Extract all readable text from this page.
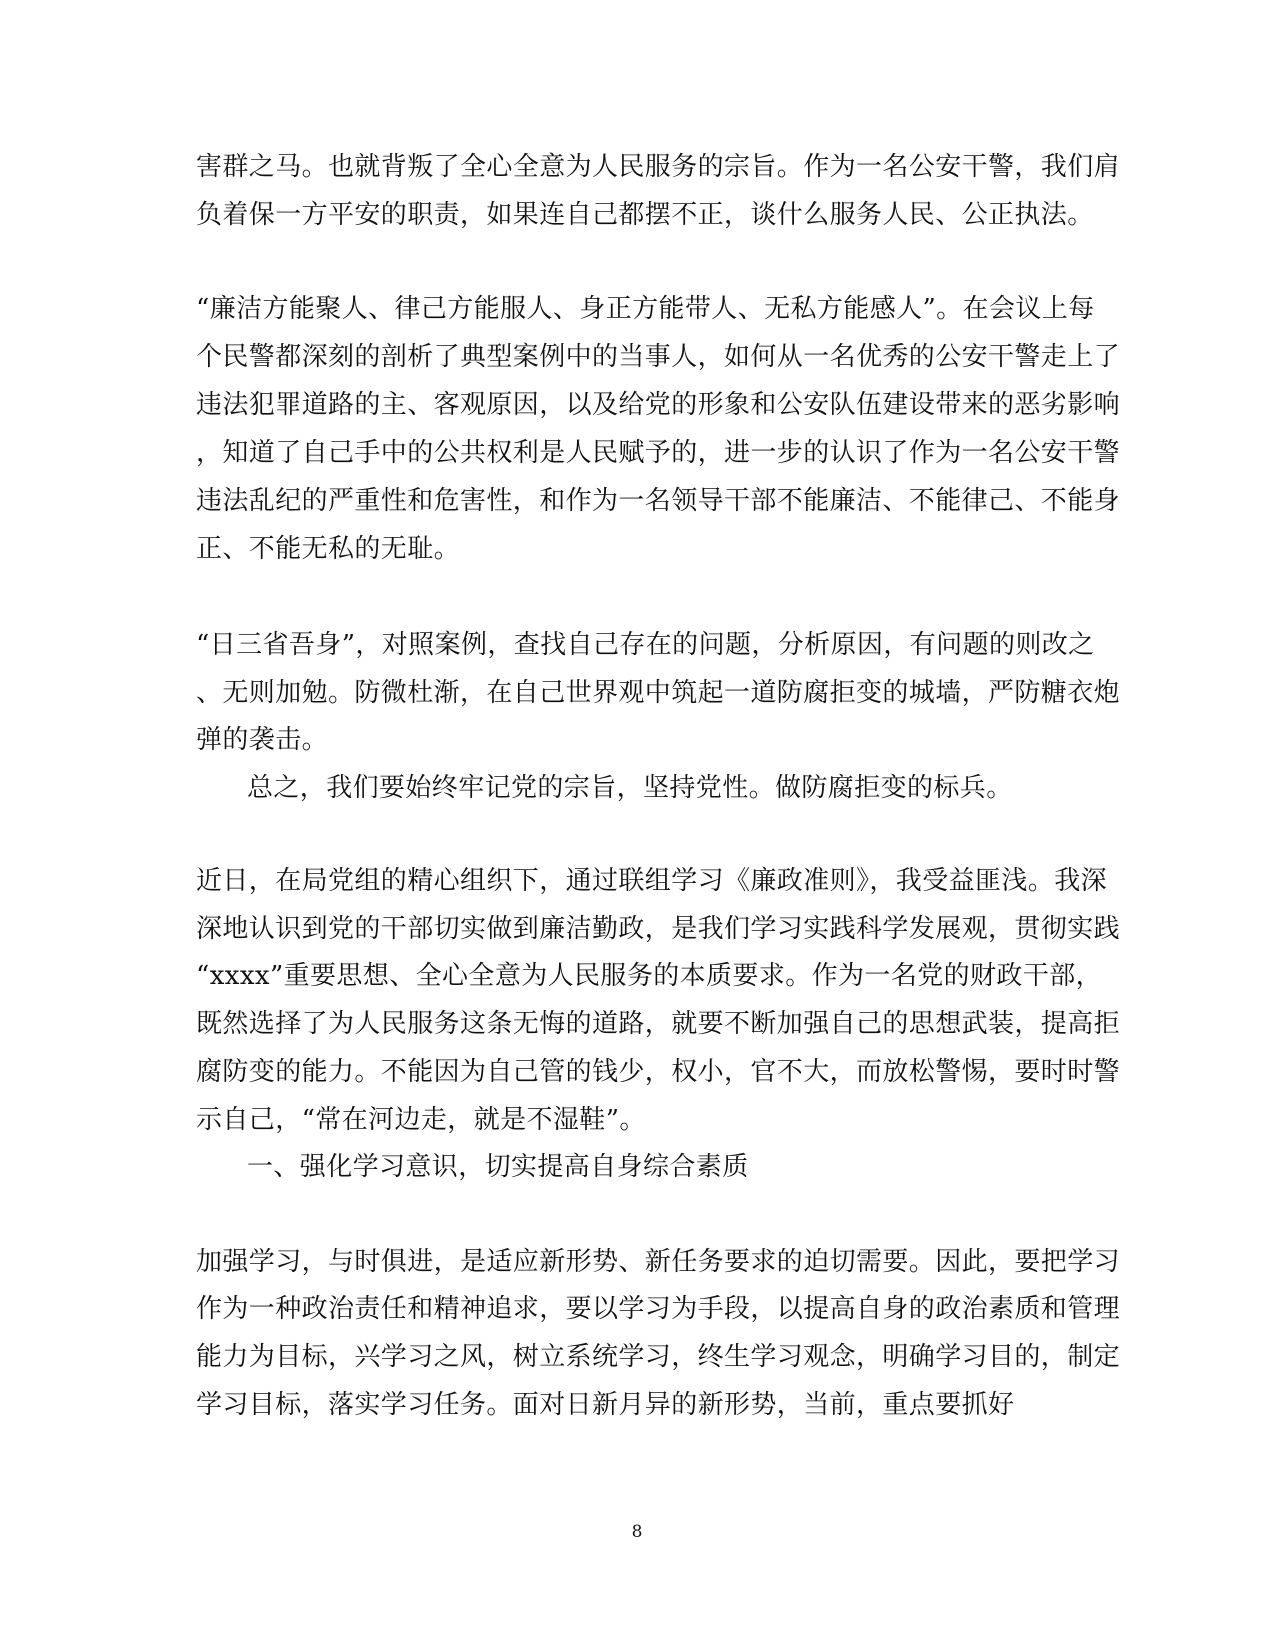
害群之马。也就背叛了全心全意为人民服务的宗旨。作为一名公安干警，我们肩
负着保一方平安的职责，如果连自己都摆不正，谈什么服务人民、公正执法。
“廉洁方能聚人、律己方能服人、身正方能带人、无私方能感人”。在会议上每
个民警都深刻的剖析了典型案例中的当事人，如何从一名优秀的公安干警走上了
违法犯罪道路的主、客观原因，以及给党的形象和公安队伍建设带来的恶劣影响
，知道了自己手中的公共权利是人民赋予的，进一步的认识了作为一名公安干警
违法乱纪的严重性和危害性，和作为一名领导干部不能廉洁、不能律己、不能身
正、不能无私的无耻。
“日三省吾身”，对照案例，查找自己存在的问题，分析原因，有问题的则改之
、无则加勉。防微杜渐，在自己世界观中筑起一道防腐拒变的城墙，严防糖衣炮
弹的袭击。
总之，我们要始终牢记党的宗旨，坚持党性。做防腐拒变的标兵。
近日，在局党组的精心组织下，通过联组学习《廉政准则》，我受益匪浅。我深
深地认识到党的干部切实做到廉洁勤政，是我们学习实践科学发展观，贯彻实践
“xxxx”重要思想、全心全意为人民服务的本质要求。作为一名党的财政干部，
既然选择了为人民服务这条无悔的道路，就要不断加强自己的思想武装，提高拒
腐防变的能力。不能因为自己管的钱少，权小，官不大，而放松警惕，要时时警
示自己，“常在河边走，就是不湿鞋”。
一、强化学习意识，切实提高自身综合素质
加强学习，与时俱进，是适应新形势、新任务要求的迫切需要。因此，要把学习
作为一种政治责任和精神追求，要以学习为手段，以提高自身的政治素质和管理
能力为目标，兴学习之风，树立系统学习，终生学习观念，明确学习目的，制定
学习目标，落实学习任务。面对日新月异的新形势，当前，重点要抓好
8
